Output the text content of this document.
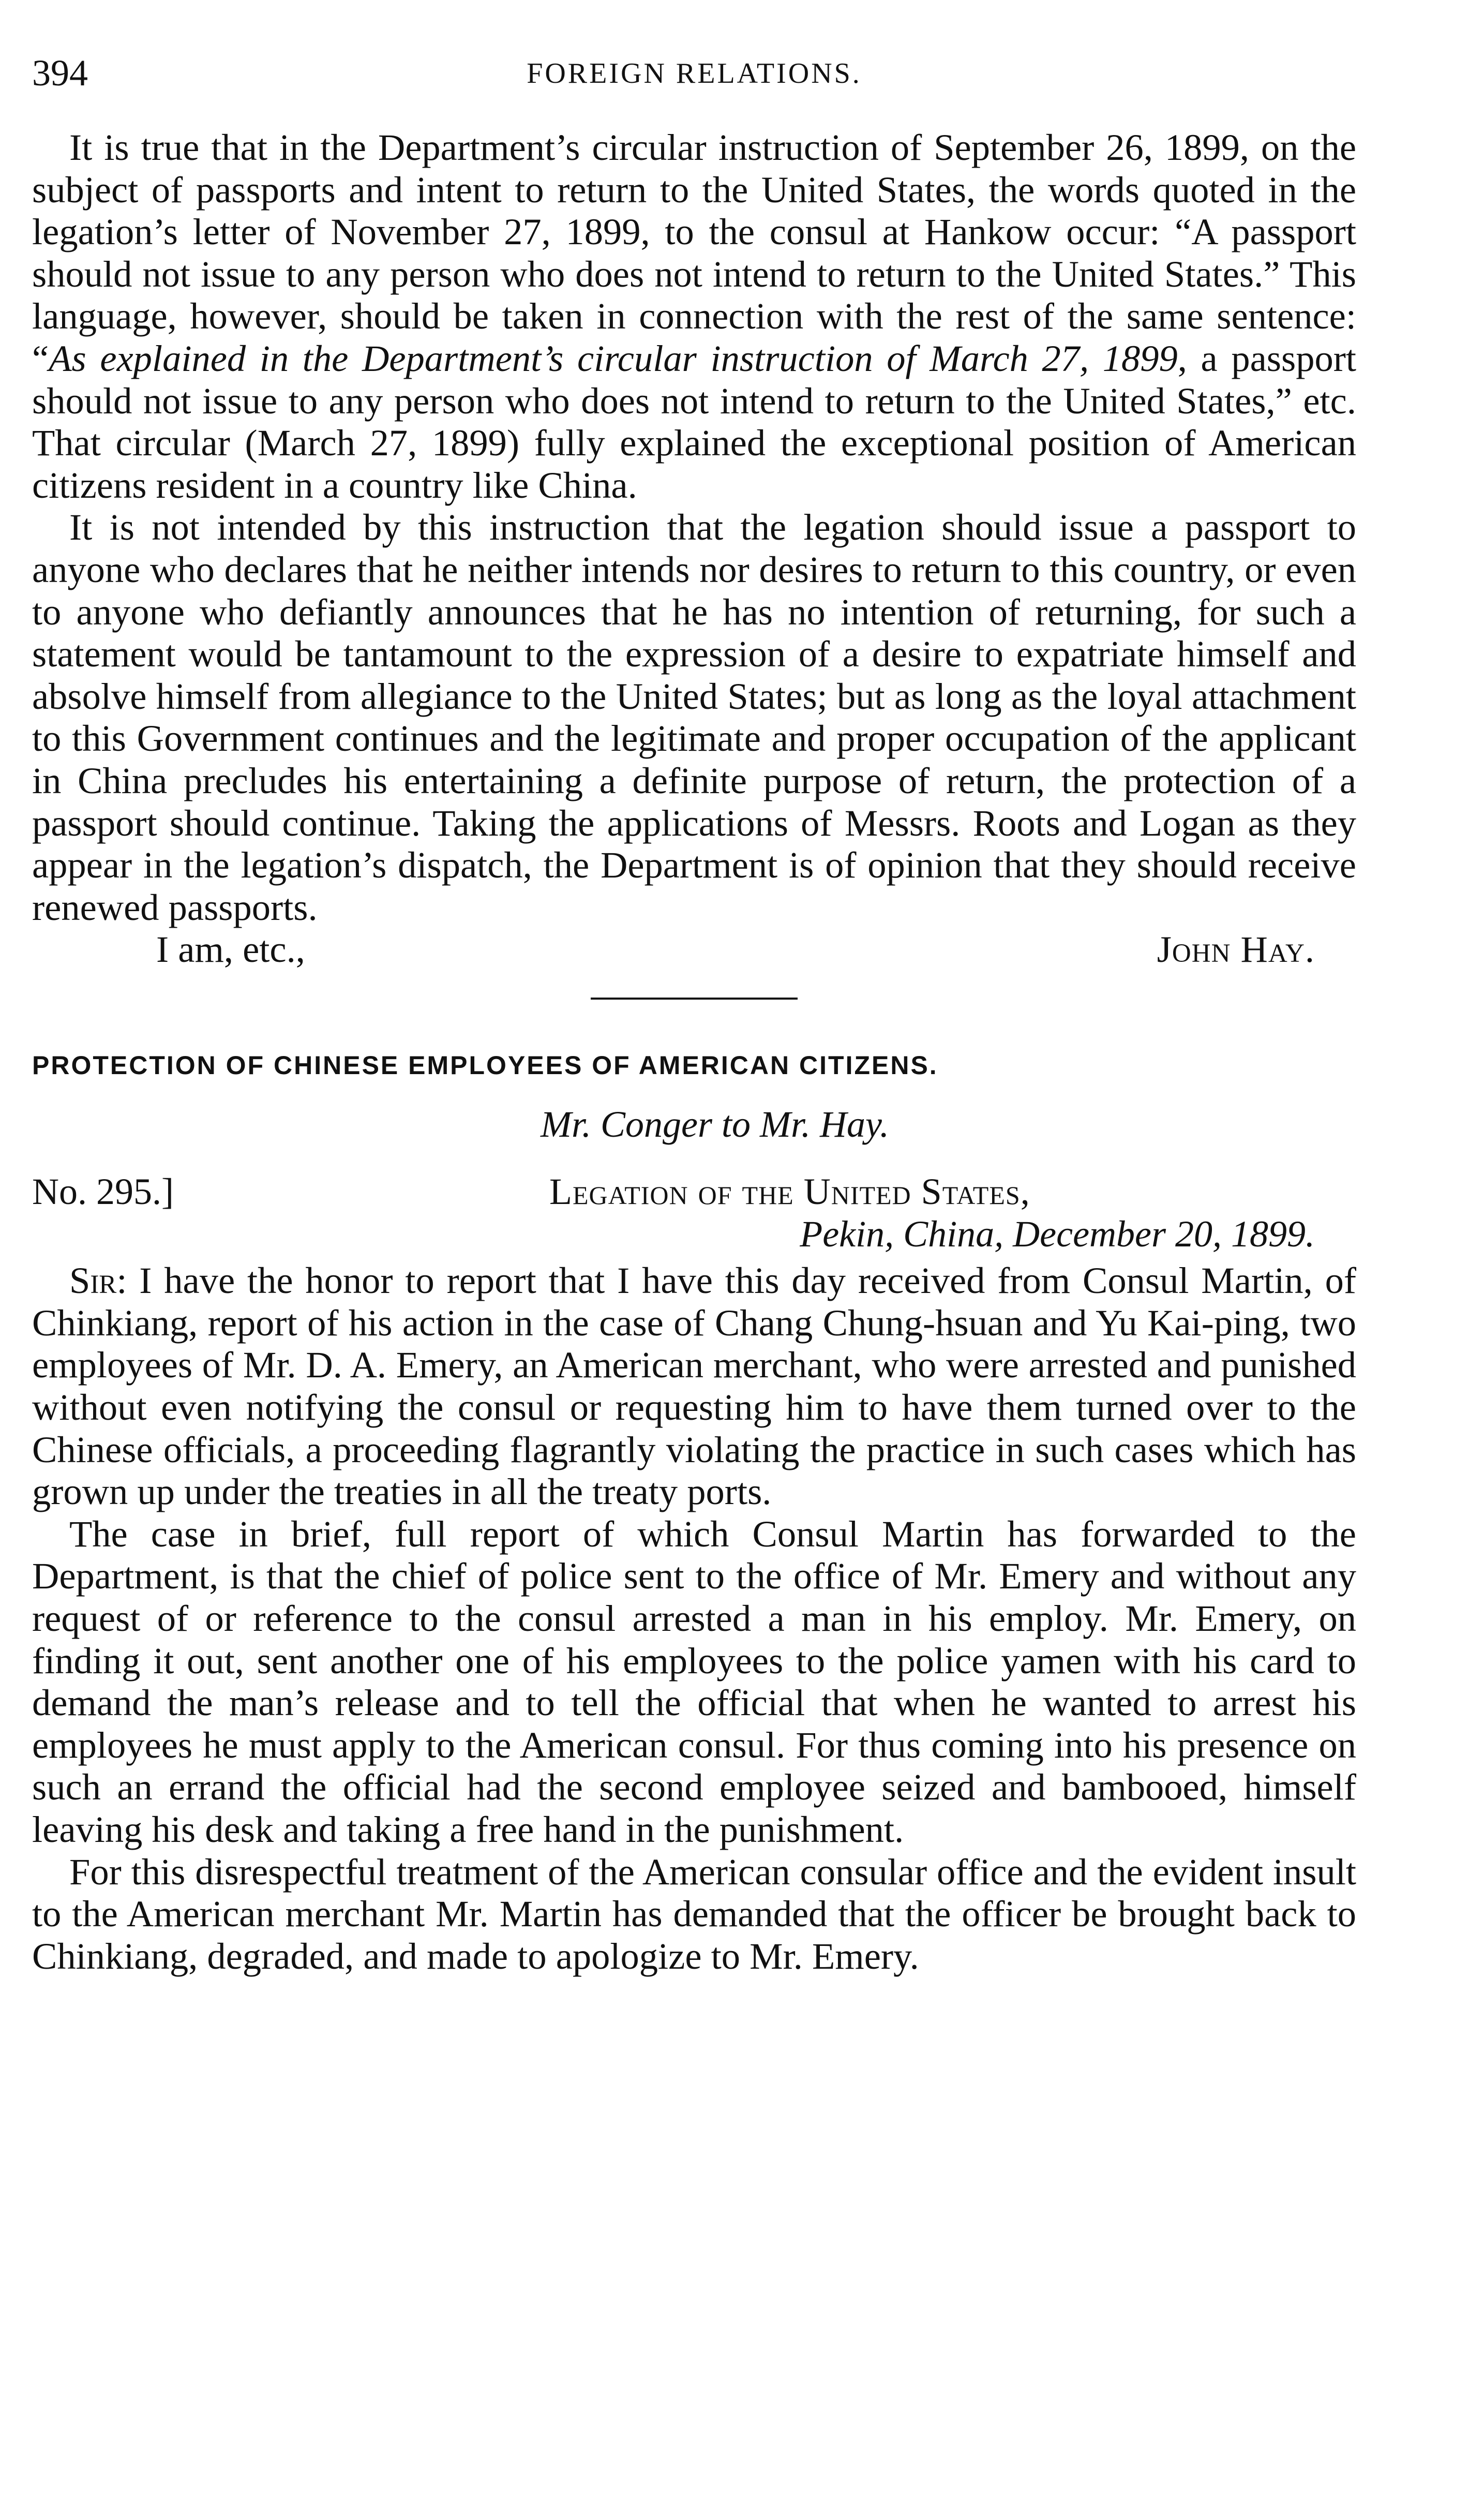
394	FOREIGN RELATIONS.

It is true that in the Department’s circular instruction of September 26, 1899, on the subject of passports and intent to return to the United States, the words quoted in the legation’s letter of November 27, 1899, to the consul at Hankow occur: “A passport should not issue to any person who does not intend to return to the United States.” This language, however, should be taken in connection with the rest of the same sentence: “As explained in the Department’s circular instruction of March 27, 1899, a passport should not issue to any person who does not intend to return to the United States,” etc. That circular (March 27, 1899) fully explained the exceptional position of American citizens resident in a country like China.

It is not intended by this instruction that the legation should issue a passport to anyone who declares that he neither intends nor desires to return to this country, or even to anyone who defiantly announces that he has no intention of returning, for such a statement would be tantamount to the expression of a desire to expatriate himself and absolve himself from allegiance to the United States; but as long as the loyal attachment to this Government continues and the legitimate and proper occupation of the applicant in China precludes his entertaining a definite purpose of return, the protection of a passport should continue. Taking the applications of Messrs. Roots and Logan as they appear in the legation’s dispatch, the Department is of opinion that they should receive renewed passports.

I am, etc.,	John Hay.
PROTECTION OF CHINESE EMPLOYEES OF AMERICAN CITIZENS.
Mr. Conger to Mr. Hay.
No. 295.]	Legation of the United States,
Pekin, China, December 20, 1899.

Sir: I have the honor to report that I have this day received from Consul Martin, of Chinkiang, report of his action in the case of Chang Chung-hsuan and Yu Kai-ping, two employees of Mr. D. A. Emery, an American merchant, who were arrested and punished without even notifying the consul or requesting him to have them turned over to the Chinese officials, a proceeding flagrantly violating the practice in such cases which has grown up under the treaties in all the treaty ports.

The case in brief, full report of which Consul Martin has forwarded to the Department, is that the chief of police sent to the office of Mr. Emery and without any request of or reference to the consul arrested a man in his employ. Mr. Emery, on finding it out, sent another one of his employees to the police yamen with his card to demand the man’s release and to tell the official that when he wanted to arrest his employees he must apply to the American consul. For thus coming into his presence on such an errand the official had the second employee seized and bambooed, himself leaving his desk and taking a free hand in the punishment.

For this disrespectful treatment of the American consular office and the evident insult to the American merchant Mr. Martin has demanded that the officer be brought back to Chinkiang, degraded, and made to apologize to Mr. Emery.
